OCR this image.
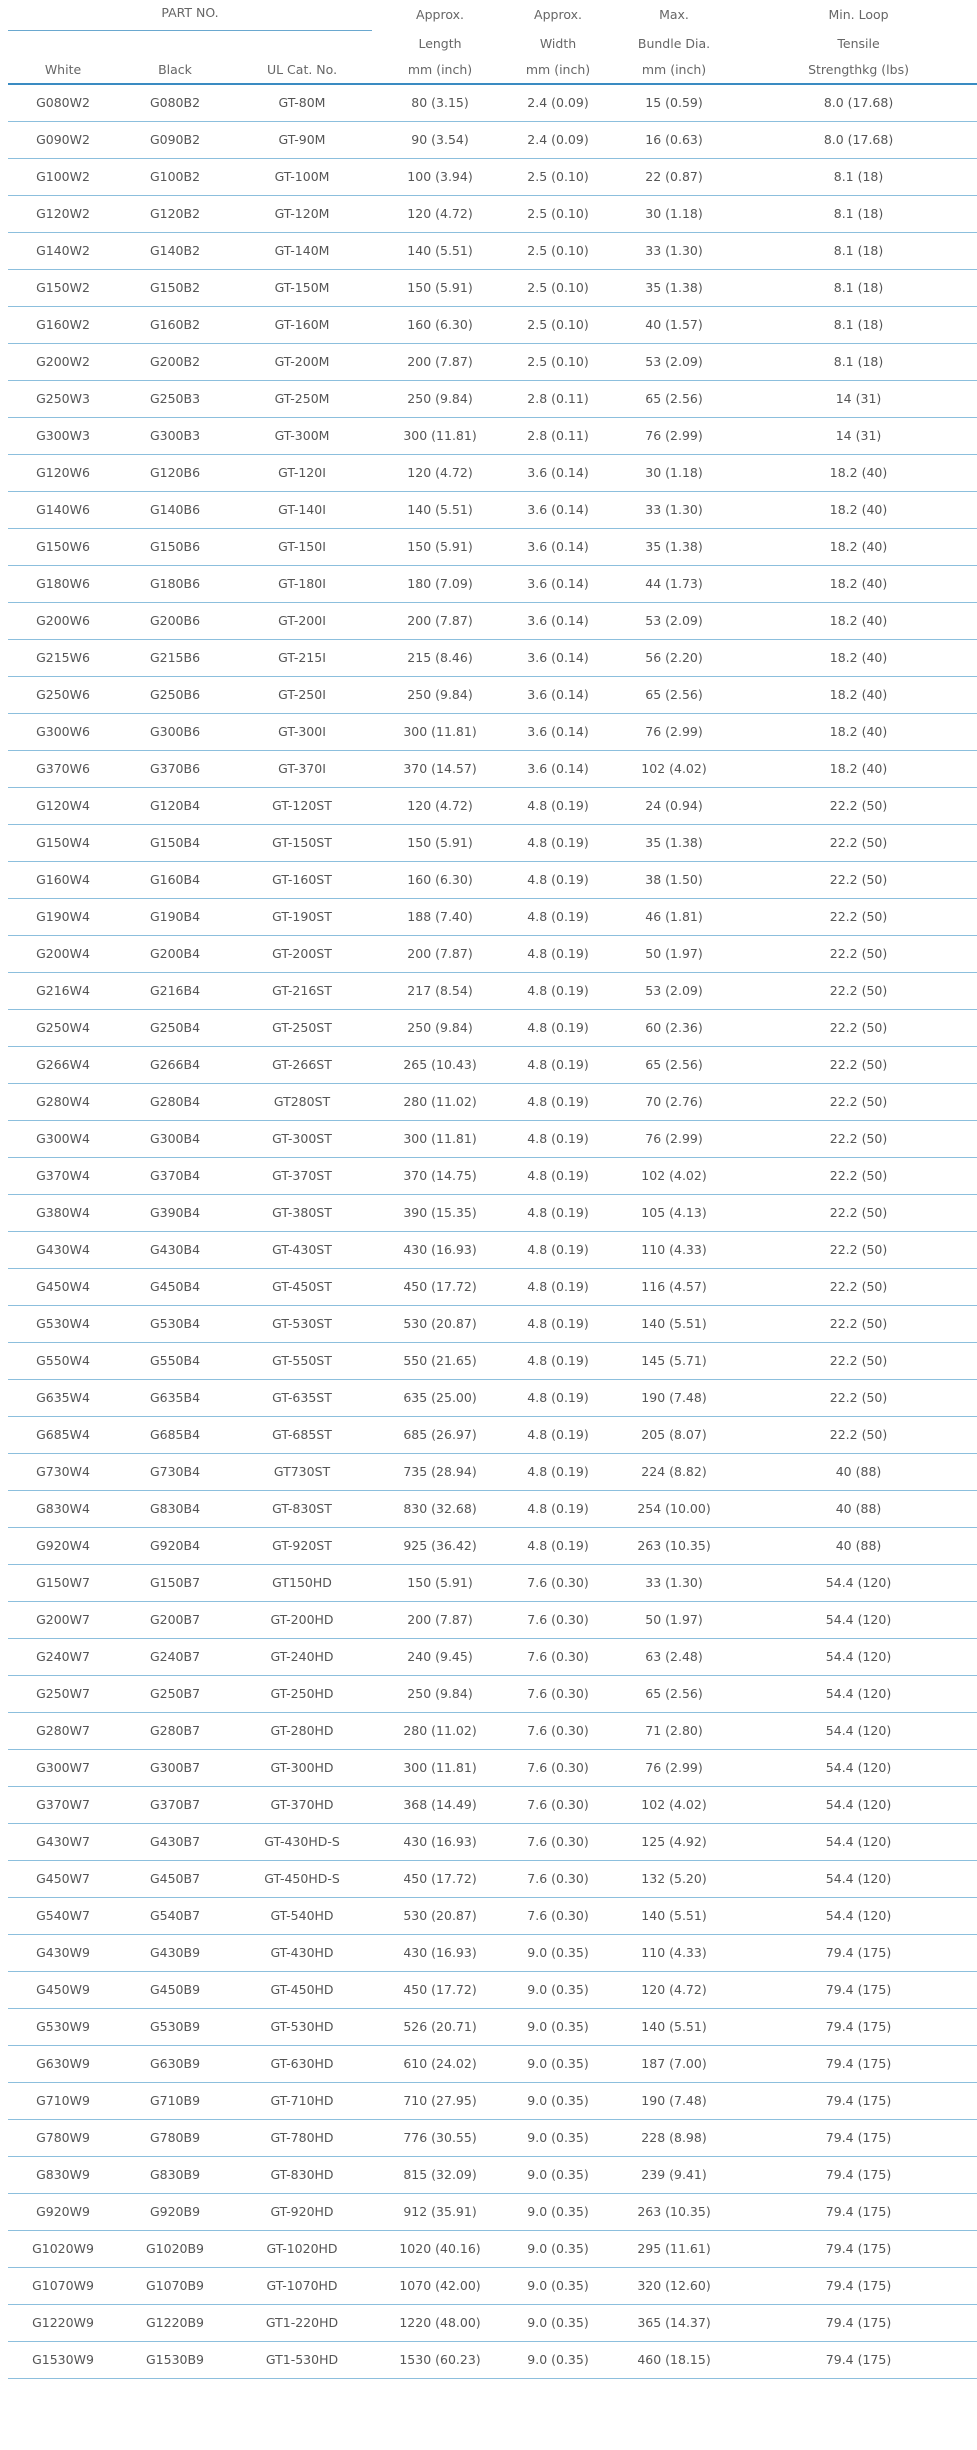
PART NO.			Approx.	Approx.	Max.	Min. Loop
			Length	Width	Bundle Dia.	Tensile
White	Black	UL Cat. No.	mm (inch)	mm (inch)	mm (inch)	Strengthkg (lbs)
G080W2	G080B2	GT-80M	80 (3.15)	2.4 (0.09)	15 (0.59)	8.0 (17.68)
G090W2	G090B2	GT-90M	90 (3.54)	2.4 (0.09)	16 (0.63)	8.0 (17.68)
G100W2	G100B2	GT-100M	100 (3.94)	2.5 (0.10)	22 (0.87)	8.1 (18)
G120W2	G120B2	GT-120M	120 (4.72)	2.5 (0.10)	30 (1.18)	8.1 (18)
G140W2	G140B2	GT-140M	140 (5.51)	2.5 (0.10)	33 (1.30)	8.1 (18)
G150W2	G150B2	GT-150M	150 (5.91)	2.5 (0.10)	35 (1.38)	8.1 (18)
G160W2	G160B2	GT-160M	160 (6.30)	2.5 (0.10)	40 (1.57)	8.1 (18)
G200W2	G200B2	GT-200M	200 (7.87)	2.5 (0.10)	53 (2.09)	8.1 (18)
G250W3	G250B3	GT-250M	250 (9.84)	2.8 (0.11)	65 (2.56)	14 (31)
G300W3	G300B3	GT-300M	300 (11.81)	2.8 (0.11)	76 (2.99)	14 (31)
G120W6	G120B6	GT-120I	120 (4.72)	3.6 (0.14)	30 (1.18)	18.2 (40)
G140W6	G140B6	GT-140I	140 (5.51)	3.6 (0.14)	33 (1.30)	18.2 (40)
G150W6	G150B6	GT-150I	150 (5.91)	3.6 (0.14)	35 (1.38)	18.2 (40)
G180W6	G180B6	GT-180I	180 (7.09)	3.6 (0.14)	44 (1.73)	18.2 (40)
G200W6	G200B6	GT-200I	200 (7.87)	3.6 (0.14)	53 (2.09)	18.2 (40)
G215W6	G215B6	GT-215I	215 (8.46)	3.6 (0.14)	56 (2.20)	18.2 (40)
G250W6	G250B6	GT-250I	250 (9.84)	3.6 (0.14)	65 (2.56)	18.2 (40)
G300W6	G300B6	GT-300I	300 (11.81)	3.6 (0.14)	76 (2.99)	18.2 (40)
G370W6	G370B6	GT-370I	370 (14.57)	3.6 (0.14)	102 (4.02)	18.2 (40)
G120W4	G120B4	GT-120ST	120 (4.72)	4.8 (0.19)	24 (0.94)	22.2 (50)
G150W4	G150B4	GT-150ST	150 (5.91)	4.8 (0.19)	35 (1.38)	22.2 (50)
G160W4	G160B4	GT-160ST	160 (6.30)	4.8 (0.19)	38 (1.50)	22.2 (50)
G190W4	G190B4	GT-190ST	188 (7.40)	4.8 (0.19)	46 (1.81)	22.2 (50)
G200W4	G200B4	GT-200ST	200 (7.87)	4.8 (0.19)	50 (1.97)	22.2 (50)
G216W4	G216B4	GT-216ST	217 (8.54)	4.8 (0.19)	53 (2.09)	22.2 (50)
G250W4	G250B4	GT-250ST	250 (9.84)	4.8 (0.19)	60 (2.36)	22.2 (50)
G266W4	G266B4	GT-266ST	265 (10.43)	4.8 (0.19)	65 (2.56)	22.2 (50)
G280W4	G280B4	GT280ST	280 (11.02)	4.8 (0.19)	70 (2.76)	22.2 (50)
G300W4	G300B4	GT-300ST	300 (11.81)	4.8 (0.19)	76 (2.99)	22.2 (50)
G370W4	G370B4	GT-370ST	370 (14.75)	4.8 (0.19)	102 (4.02)	22.2 (50)
G380W4	G390B4	GT-380ST	390 (15.35)	4.8 (0.19)	105 (4.13)	22.2 (50)
G430W4	G430B4	GT-430ST	430 (16.93)	4.8 (0.19)	110 (4.33)	22.2 (50)
G450W4	G450B4	GT-450ST	450 (17.72)	4.8 (0.19)	116 (4.57)	22.2 (50)
G530W4	G530B4	GT-530ST	530 (20.87)	4.8 (0.19)	140 (5.51)	22.2 (50)
G550W4	G550B4	GT-550ST	550 (21.65)	4.8 (0.19)	145 (5.71)	22.2 (50)
G635W4	G635B4	GT-635ST	635 (25.00)	4.8 (0.19)	190 (7.48)	22.2 (50)
G685W4	G685B4	GT-685ST	685 (26.97)	4.8 (0.19)	205 (8.07)	22.2 (50)
G730W4	G730B4	GT730ST	735 (28.94)	4.8 (0.19)	224 (8.82)	40 (88)
G830W4	G830B4	GT-830ST	830 (32.68)	4.8 (0.19)	254 (10.00)	40 (88)
G920W4	G920B4	GT-920ST	925 (36.42)	4.8 (0.19)	263 (10.35)	40 (88)
G150W7	G150B7	GT150HD	150 (5.91)	7.6 (0.30)	33 (1.30)	54.4 (120)
G200W7	G200B7	GT-200HD	200 (7.87)	7.6 (0.30)	50 (1.97)	54.4 (120)
G240W7	G240B7	GT-240HD	240 (9.45)	7.6 (0.30)	63 (2.48)	54.4 (120)
G250W7	G250B7	GT-250HD	250 (9.84)	7.6 (0.30)	65 (2.56)	54.4 (120)
G280W7	G280B7	GT-280HD	280 (11.02)	7.6 (0.30)	71 (2.80)	54.4 (120)
G300W7	G300B7	GT-300HD	300 (11.81)	7.6 (0.30)	76 (2.99)	54.4 (120)
G370W7	G370B7	GT-370HD	368 (14.49)	7.6 (0.30)	102 (4.02)	54.4 (120)
G430W7	G430B7	GT-430HD-S	430 (16.93)	7.6 (0.30)	125 (4.92)	54.4 (120)
G450W7	G450B7	GT-450HD-S	450 (17.72)	7.6 (0.30)	132 (5.20)	54.4 (120)
G540W7	G540B7	GT-540HD	530 (20.87)	7.6 (0.30)	140 (5.51)	54.4 (120)
G430W9	G430B9	GT-430HD	430 (16.93)	9.0 (0.35)	110 (4.33)	79.4 (175)
G450W9	G450B9	GT-450HD	450 (17.72)	9.0 (0.35)	120 (4.72)	79.4 (175)
G530W9	G530B9	GT-530HD	526 (20.71)	9.0 (0.35)	140 (5.51)	79.4 (175)
G630W9	G630B9	GT-630HD	610 (24.02)	9.0 (0.35)	187 (7.00)	79.4 (175)
G710W9	G710B9	GT-710HD	710 (27.95)	9.0 (0.35)	190 (7.48)	79.4 (175)
G780W9	G780B9	GT-780HD	776 (30.55)	9.0 (0.35)	228 (8.98)	79.4 (175)
G830W9	G830B9	GT-830HD	815 (32.09)	9.0 (0.35)	239 (9.41)	79.4 (175)
G920W9	G920B9	GT-920HD	912 (35.91)	9.0 (0.35)	263 (10.35)	79.4 (175)
G1020W9	G1020B9	GT-1020HD	1020 (40.16)	9.0 (0.35)	295 (11.61)	79.4 (175)
G1070W9	G1070B9	GT-1070HD	1070 (42.00)	9.0 (0.35)	320 (12.60)	79.4 (175)
G1220W9	G1220B9	GT1-220HD	1220 (48.00)	9.0 (0.35)	365 (14.37)	79.4 (175)
G1530W9	G1530B9	GT1-530HD	1530 (60.23)	9.0 (0.35)	460 (18.15)	79.4 (175)
